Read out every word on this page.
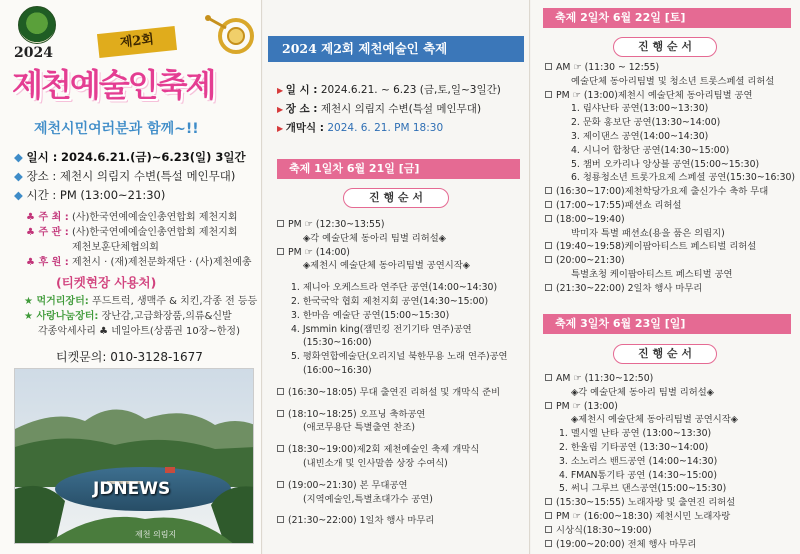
2024
제2회
제천예술인축제
제천시민여러분과 함께~!!
◆ 일시 : 2024.6.21.(금)~6.23(일) 3일간
◆ 장소 : 제천시 의림지 수변(특설 메인무대)
◆ 시간 : PM (13:00~21:30)
♣ 주 최 : (사)한국연예예술인총연합회 제천지회
♣ 주 관 : (사)한국연예예술인총연합회 제천지회
제천보훈단체협의회
♣ 후 원 : 제천시 · (재)제천문화재단 · (사)제천예총
(티켓현장 사용처)
★ 먹거리장터: 푸드트럭, 생맥주 & 치킨,각종 전 등등
★ 사랑나눔장터: 장난감,고급화장품,의류&신발
각종악세사리 ♣ 네일아트(상품권 10장~한정)
티켓문의: 010-3128-1677
JDNEWS
제천 의림지
2024 제2회 제천예술인 축제
▶ 일 시 : 2024.6.21. ~ 6.23 (금,토,일~3일간)
▶ 장 소 : 제천시 의림지 수변(특설 메인무대)
▶ 개막식 : 2024. 6. 21. PM 18:30
축제 1일차 6월 21일 [금]
진 행 순 서
PM ☞ (12:30~13:55)
◈각 예술단체 동아리 팀별 리허설◈
PM ☞ (14:00)
◈제천시 예술단체 동아리팀별 공연시작◈
1. 제니아 오케스트라 연주단 공연(14:00~14:30)
2. 한국국악 협회 제천지회 공연(14:30~15:00)
3. 한마음 예술단 공연(15:00~15:30)
4. Jsmmin king(잼민킹 전기기타 연주)공연
(15:30~16:00)
5. 평화연합예술단(오리지널 북한무용 노래 연주)공연
(16:00~16:30)
(16:30~18:05) 무대 출연진 리허설 및 개막식 준비
(18:10~18:25) 오프닝 축하공연
(애코무용단 특별출연 찬조)
(18:30~19:00)제2회 제천예술인 축제 개막식
(내빈소개 및 인사말씀 상장 수여식)
(19:00~21:30) 본 무대공연
(지역예술인,특별초대가수 공연)
(21:30~22:00) 1일차 행사 마무리
축제 2일차 6월 22일 [토]
진 행 순 서
AM ☞ (11:30 ~ 12:55)
예술단체 동아리팀별 및 청소년 트롯스페셜 리허설
PM ☞ (13:00)제천시 예술단체 동아리팀별 공연
1. 림샤난타 공연(13:00~13:30)
2. 문화 홍보단 공연(13:30~14:00)
3. 제이댄스 공연(14:00~14:30)
4. 시니어 합창단 공연(14:30~15:00)
5. 챔버 오카리나 앙상블 공연(15:00~15:30)
6. 청룡청소년 트롯가요제 스페셜 공연(15:30~16:30)
(16:30~17:00)제천학당가요제 출신가수 축하 무대
(17:00~17:55)패션쇼 리허설
(18:00~19:40)
박미자 특별 패션쇼(용을 품은 의림지)
(19:40~19:58)케이팝아티스트 페스티벌 리허설
(20:00~21:30)
특별초청 케이팝아티스트 페스티벌 공연
(21:30~22:00) 2일차 행사 마무리
축제 3일차 6월 23일 [일]
진 행 순 서
AM ☞ (11:30~12:50)
◈각 예술단체 동아리 팀별 리허설◈
PM ☞ (13:00)
◈제천시 예술단체 동아리팀별 공연시작◈
1. 멜시엘 난타 공연 (13:00~13:30)
2. 한울림 기타공연 (13:30~14:00)
3. 소노러스 밴드공연 (14:00~14:30)
4. FMAN통기타 공연 (14:30~15:00)
5. 써니 그루브 댄스공연(15:00~15:30)
(15:30~15:55) 노래자랑 및 출연진 리허설
PM ☞ (16:00~18:30) 제천시민 노래자랑
시상식(18:30~19:00)
(19:00~20:00) 전체 행사 마무리
